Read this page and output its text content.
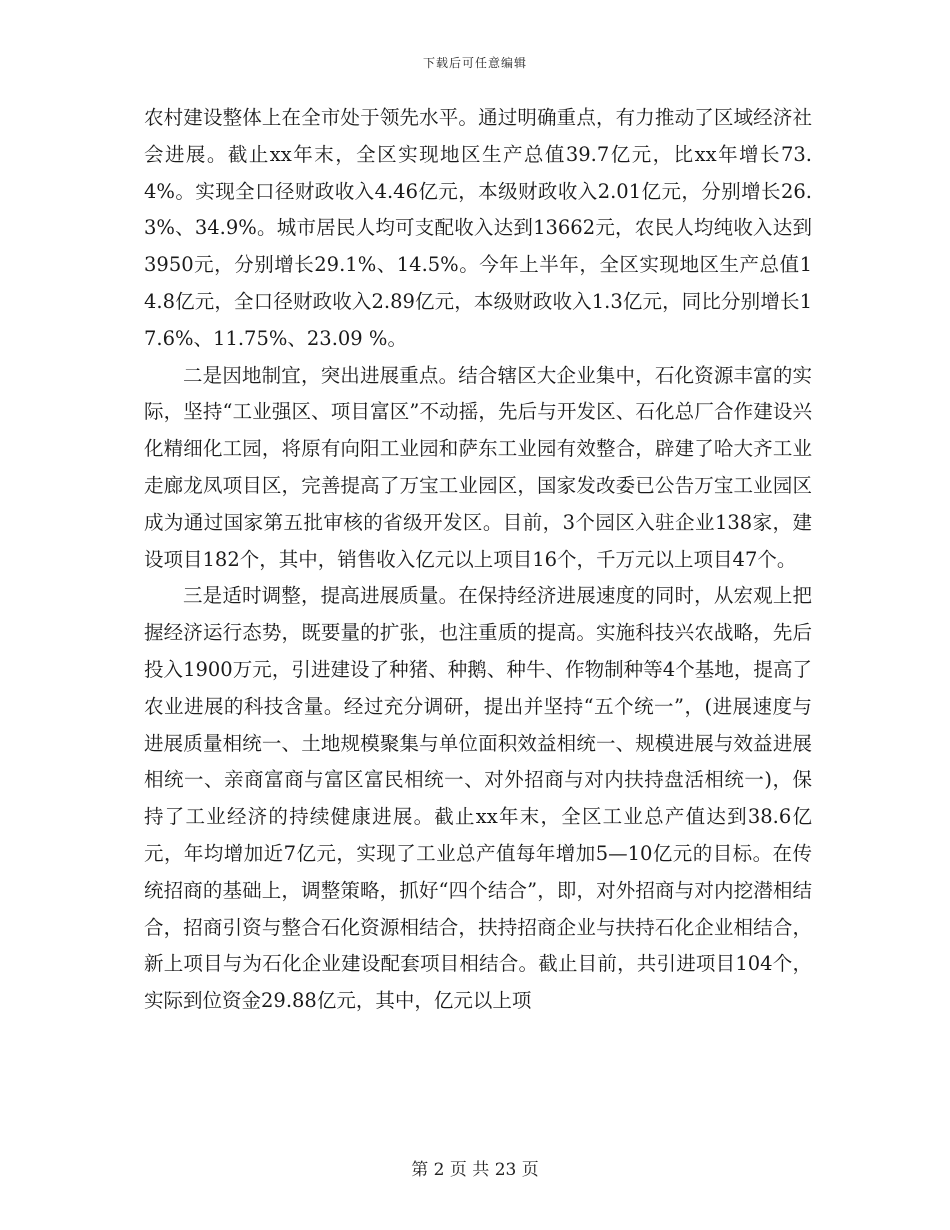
下载后可任意编辑

农村建设整体上在全市处于领先水平。通过明确重点，有力推动了区域经济社会进展。截止xx年末，全区实现地区生产总值39.7亿元，比xx年增长73.4%。实现全口径财政收入4.46亿元，本级财政收入2.01亿元，分别增长26.3%、34.9%。城市居民人均可支配收入达到13662元，农民人均纯收入达到3950元，分别增长29.1%、14.5%。今年上半年，全区实现地区生产总值14.8亿元，全口径财政收入2.89亿元，本级财政收入1.3亿元，同比分别增长17.6%、11.75%、23.09 %。

二是因地制宜，突出进展重点。结合辖区大企业集中，石化资源丰富的实际，坚持“工业强区、项目富区”不动摇，先后与开发区、石化总厂合作建设兴化精细化工园，将原有向阳工业园和萨东工业园有效整合，辟建了哈大齐工业走廊龙凤项目区，完善提高了万宝工业园区，国家发改委已公告万宝工业园区成为通过国家第五批审核的省级开发区。目前，3个园区入驻企业138家，建设项目182个，其中，销售收入亿元以上项目16个，千万元以上项目47个。

三是适时调整，提高进展质量。在保持经济进展速度的同时，从宏观上把握经济运行态势，既要量的扩张，也注重质的提高。实施科技兴农战略，先后投入1900万元，引进建设了种猪、种鹅、种牛、作物制种等4个基地，提高了农业进展的科技含量。经过充分调研，提出并坚持“五个统一”，(进展速度与进展质量相统一、土地规模聚集与单位面积效益相统一、规模进展与效益进展相统一、亲商富商与富区富民相统一、对外招商与对内扶持盘活相统一)，保持了工业经济的持续健康进展。截止xx年末，全区工业总产值达到38.6亿元，年均增加近7亿元，实现了工业总产值每年增加5—10亿元的目标。在传统招商的基础上，调整策略，抓好“四个结合”，即，对外招商与对内挖潜相结合，招商引资与整合石化资源相结合，扶持招商企业与扶持石化企业相结合，新上项目与为石化企业建设配套项目相结合。截止目前，共引进项目104个，实际到位资金29.88亿元，其中，亿元以上项

第 2 页 共 23 页
